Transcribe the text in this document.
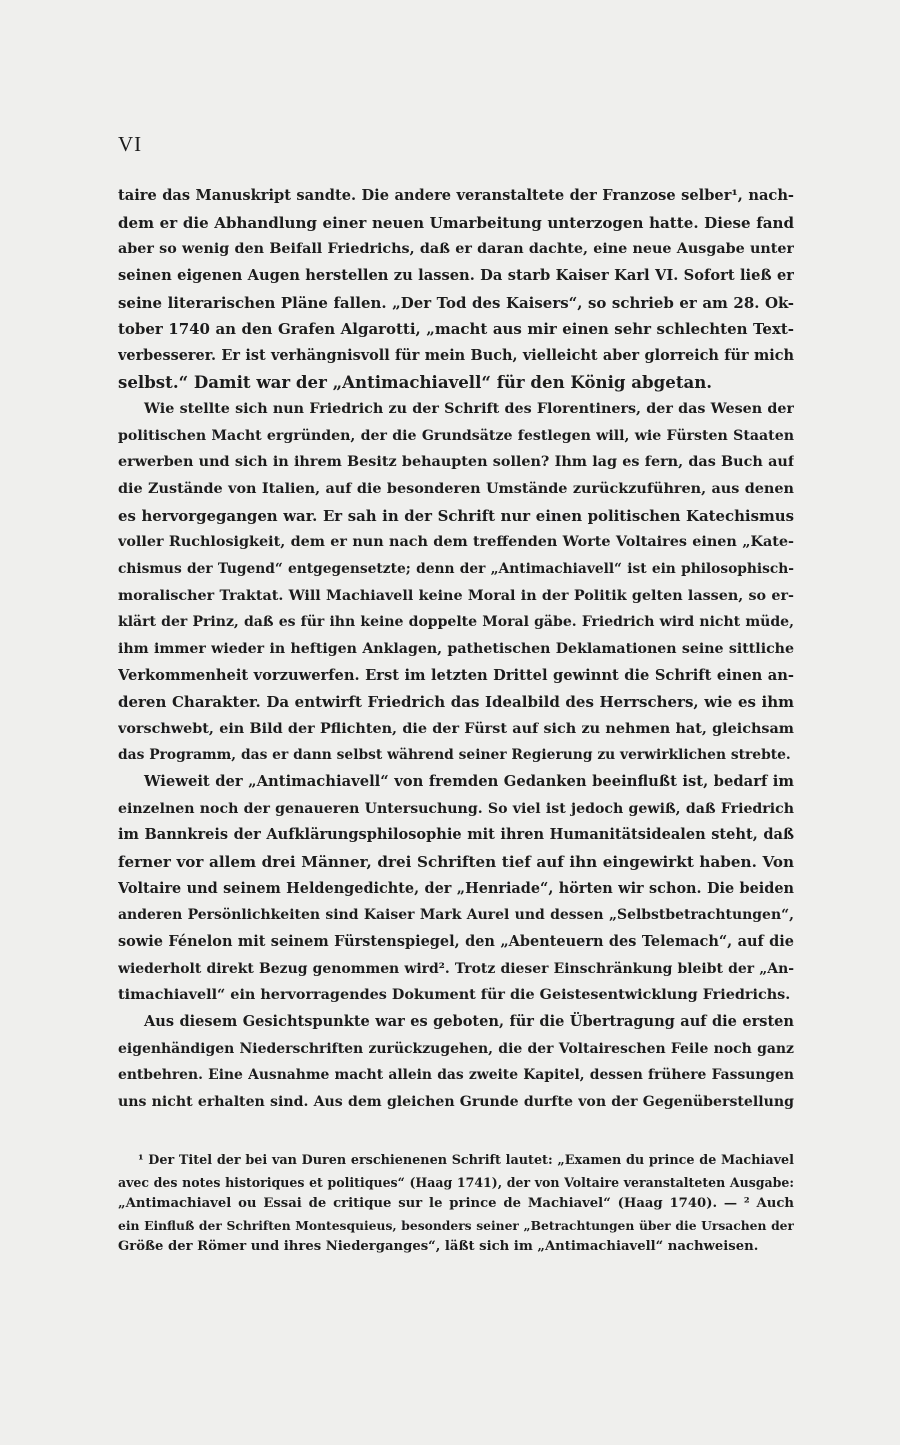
VI
taire das Manuskript sandte. Die andere veranstaltete der Franzose selber¹, nach-
dem er die Abhandlung einer neuen Umarbeitung unterzogen hatte. Diese fand
aber so wenig den Beifall Friedrichs, daß er daran dachte, eine neue Ausgabe unter
seinen eigenen Augen herstellen zu lassen. Da starb Kaiser Karl VI. Sofort ließ er
seine literarischen Pläne fallen. „Der Tod des Kaisers“, so schrieb er am 28. Ok-
tober 1740 an den Grafen Algarotti, „macht aus mir einen sehr schlechten Text-
verbesserer. Er ist verhängnisvoll für mein Buch, vielleicht aber glorreich für mich
selbst.“ Damit war der „Antimachiavell“ für den König abgetan.
Wie stellte sich nun Friedrich zu der Schrift des Florentiners, der das Wesen der
politischen Macht ergründen, der die Grundsätze festlegen will, wie Fürsten Staaten
erwerben und sich in ihrem Besitz behaupten sollen? Ihm lag es fern, das Buch auf
die Zustände von Italien, auf die besonderen Umstände zurückzuführen, aus denen
es hervorgegangen war. Er sah in der Schrift nur einen politischen Katechismus
voller Ruchlosigkeit, dem er nun nach dem treffenden Worte Voltaires einen „Kate-
chismus der Tugend“ entgegensetzte; denn der „Antimachiavell“ ist ein philosophisch-
moralischer Traktat. Will Machiavell keine Moral in der Politik gelten lassen, so er-
klärt der Prinz, daß es für ihn keine doppelte Moral gäbe. Friedrich wird nicht müde,
ihm immer wieder in heftigen Anklagen, pathetischen Deklamationen seine sittliche
Verkommenheit vorzuwerfen. Erst im letzten Drittel gewinnt die Schrift einen an-
deren Charakter. Da entwirft Friedrich das Idealbild des Herrschers, wie es ihm
vorschwebt, ein Bild der Pflichten, die der Fürst auf sich zu nehmen hat, gleichsam
das Programm, das er dann selbst während seiner Regierung zu verwirklichen strebte.
Wieweit der „Antimachiavell“ von fremden Gedanken beeinflußt ist, bedarf im
einzelnen noch der genaueren Untersuchung. So viel ist jedoch gewiß, daß Friedrich
im Bannkreis der Aufklärungsphilosophie mit ihren Humanitätsidealen steht, daß
ferner vor allem drei Männer, drei Schriften tief auf ihn eingewirkt haben. Von
Voltaire und seinem Heldengedichte, der „Henriade“, hörten wir schon. Die beiden
anderen Persönlichkeiten sind Kaiser Mark Aurel und dessen „Selbstbetrachtungen“,
sowie Fénelon mit seinem Fürstenspiegel, den „Abenteuern des Telemach“, auf die
wiederholt direkt Bezug genommen wird². Trotz dieser Einschränkung bleibt der „An-
timachiavell“ ein hervorragendes Dokument für die Geistesentwicklung Friedrichs.
Aus diesem Gesichtspunkte war es geboten, für die Übertragung auf die ersten
eigenhändigen Niederschriften zurückzugehen, die der Voltaireschen Feile noch ganz
entbehren. Eine Ausnahme macht allein das zweite Kapitel, dessen frühere Fassungen
uns nicht erhalten sind. Aus dem gleichen Grunde durfte von der Gegenüberstellung
¹ Der Titel der bei van Duren erschienenen Schrift lautet: „Examen du prince de Machiavel
avec des notes historiques et politiques“ (Haag 1741), der von Voltaire veranstalteten Ausgabe:
„Antimachiavel ou Essai de critique sur le prince de Machiavel“ (Haag 1740). — ² Auch
ein Einfluß der Schriften Montesquieus, besonders seiner „Betrachtungen über die Ursachen der
Größe der Römer und ihres Niederganges“, läßt sich im „Antimachiavell“ nachweisen.
